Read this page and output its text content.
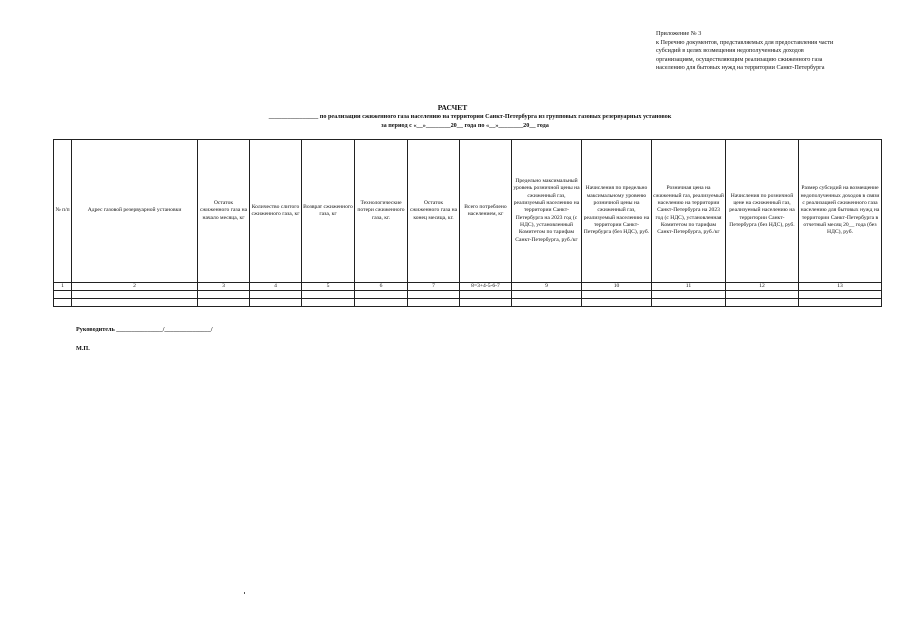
Приложение № 3
к Перечню документов, представляемых для предоставления части
субсидий в целях возмещения недополученных доходов
организациям, осуществляющим реализацию сжиженного газа
населению для бытовых нужд на территории Санкт-Петербурга
РАСЧЕТ
________________ по реализации сжиженного газа населению на территории Санкт-Петербурга из групповых газовых резервуарных установок
за период с «__»________20__ года по «__»________20__ года
№ п/п	Адрес газовой резервуарной установки	Остаток сжиженного газа на начало месяца, кг	Количество слитого сжиженного газа, кг	Возврат сжиженного газа, кг	Технологические потери сжиженного газа, кг.	Остаток сжиженного газа на конец месяца, кг.	Всего потреблено населением, кг	Предельно максимальный уровень розничной цены на сжиженный газ, реализуемый населению на территории Санкт-Петербурга на 2023 год (с НДС), установленный Комитетом по тарифам Санкт-Петербурга, руб./кг	Начисления по предельно максимальному уровеню розничной цены на сжиженный газ, реализуемый населению на территории Санкт-Петербурга (без НДС), руб.	Розничная цена на сжиженный газ, реализуемый населению на территории Санкт-Петербурга на 2023 год (с НДС), установленная Комитетом по тарифам Санкт-Петербурга, руб./кг	Начисления по розничной цене на сжиженный газ, реализуемый населению на территории Санкт-Петербурга (без НДС), руб.	Размер субсидий на возмещение недополученных доходов в связи с реализацией сжиженного газа населению для бытовых нужд на территории Санкт-Петербурга в отчетный месяц 20__ года (без НДС), руб.
1	2	3	4	5	6	7	8=3+4-5-6-7	9	10	11	12	13

Руководитель _______________/_______________/
М.П.
